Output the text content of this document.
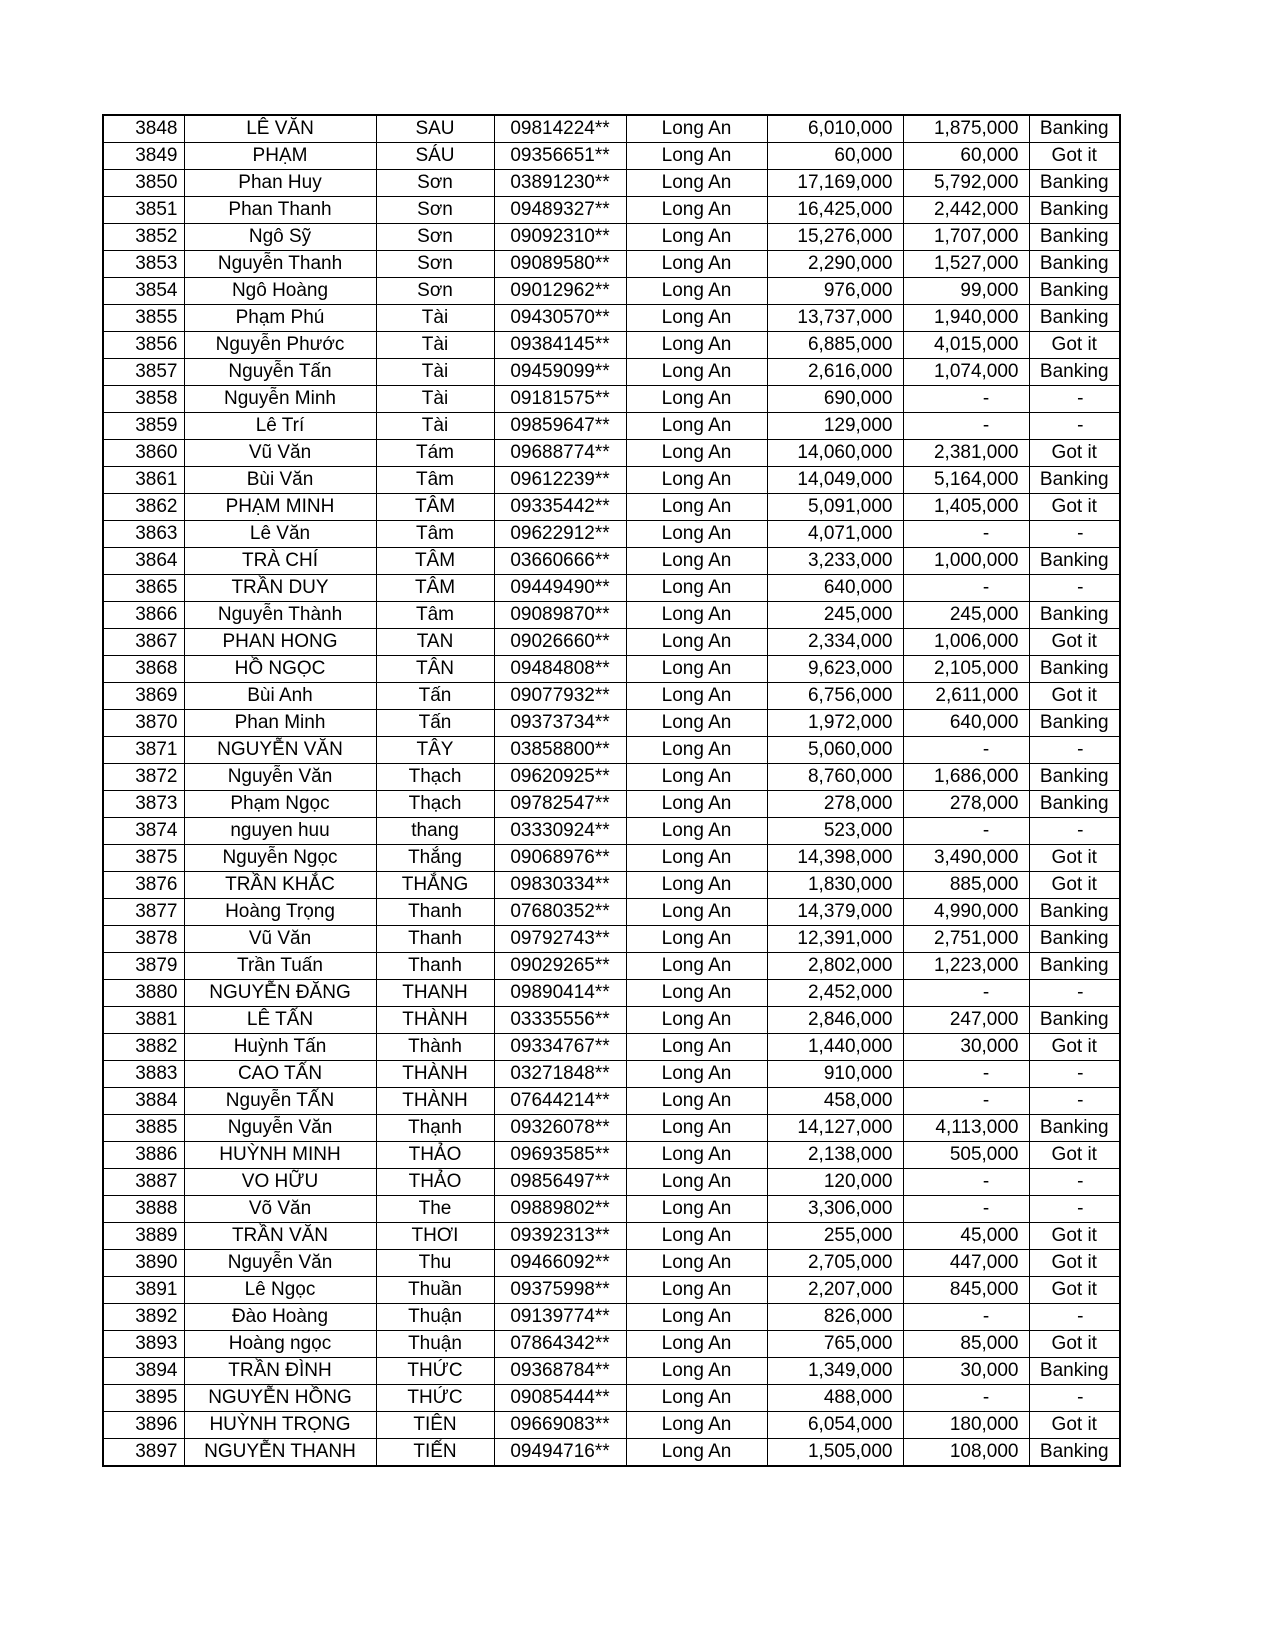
3848	LÊ VĂN	SAU	09814224**	Long An	6,010,000	1,875,000	Banking
3849	PHẠM	SÁU	09356651**	Long An	60,000	60,000	Got it
3850	Phan Huy	Sơn	03891230**	Long An	17,169,000	5,792,000	Banking
3851	Phan Thanh	Sơn	09489327**	Long An	16,425,000	2,442,000	Banking
3852	Ngô Sỹ	Sơn	09092310**	Long An	15,276,000	1,707,000	Banking
3853	Nguyễn Thanh	Sơn	09089580**	Long An	2,290,000	1,527,000	Banking
3854	Ngô Hoàng	Sơn	09012962**	Long An	976,000	99,000	Banking
3855	Phạm Phú	Tài	09430570**	Long An	13,737,000	1,940,000	Banking
3856	Nguyễn Phước	Tài	09384145**	Long An	6,885,000	4,015,000	Got it
3857	Nguyễn Tấn	Tài	09459099**	Long An	2,616,000	1,074,000	Banking
3858	Nguyễn Minh	Tài	09181575**	Long An	690,000	-	-
3859	Lê Trí	Tài	09859647**	Long An	129,000	-	-
3860	Vũ Văn	Tám	09688774**	Long An	14,060,000	2,381,000	Got it
3861	Bùi Văn	Tâm	09612239**	Long An	14,049,000	5,164,000	Banking
3862	PHẠM MINH	TÂM	09335442**	Long An	5,091,000	1,405,000	Got it
3863	Lê Văn	Tâm	09622912**	Long An	4,071,000	-	-
3864	TRÀ CHÍ	TÂM	03660666**	Long An	3,233,000	1,000,000	Banking
3865	TRẦN DUY	TÂM	09449490**	Long An	640,000	-	-
3866	Nguyễn Thành	Tâm	09089870**	Long An	245,000	245,000	Banking
3867	PHAN HONG	TAN	09026660**	Long An	2,334,000	1,006,000	Got it
3868	HỒ NGỌC	TÂN	09484808**	Long An	9,623,000	2,105,000	Banking
3869	Bùi Anh	Tấn	09077932**	Long An	6,756,000	2,611,000	Got it
3870	Phan Minh	Tấn	09373734**	Long An	1,972,000	640,000	Banking
3871	NGUYỄN VĂN	TÂY	03858800**	Long An	5,060,000	-	-
3872	Nguyễn Văn	Thạch	09620925**	Long An	8,760,000	1,686,000	Banking
3873	Phạm Ngọc	Thạch	09782547**	Long An	278,000	278,000	Banking
3874	nguyen huu	thang	03330924**	Long An	523,000	-	-
3875	Nguyễn Ngọc	Thắng	09068976**	Long An	14,398,000	3,490,000	Got it
3876	TRẦN KHẮC	THẮNG	09830334**	Long An	1,830,000	885,000	Got it
3877	Hoàng Trọng	Thanh	07680352**	Long An	14,379,000	4,990,000	Banking
3878	Vũ Văn	Thanh	09792743**	Long An	12,391,000	2,751,000	Banking
3879	Trần Tuấn	Thanh	09029265**	Long An	2,802,000	1,223,000	Banking
3880	NGUYỄN ĐĂNG	THANH	09890414**	Long An	2,452,000	-	-
3881	LÊ TẤN	THÀNH	03335556**	Long An	2,846,000	247,000	Banking
3882	Huỳnh Tấn	Thành	09334767**	Long An	1,440,000	30,000	Got it
3883	CAO TẤN	THÀNH	03271848**	Long An	910,000	-	-
3884	Nguyễn TẤN	THÀNH	07644214**	Long An	458,000	-	-
3885	Nguyễn Văn	Thạnh	09326078**	Long An	14,127,000	4,113,000	Banking
3886	HUỲNH MINH	THẢO	09693585**	Long An	2,138,000	505,000	Got it
3887	VO HỮU	THẢO	09856497**	Long An	120,000	-	-
3888	Võ Văn	The	09889802**	Long An	3,306,000	-	-
3889	TRẦN VĂN	THƠI	09392313**	Long An	255,000	45,000	Got it
3890	Nguyễn Văn	Thu	09466092**	Long An	2,705,000	447,000	Got it
3891	Lê Ngọc	Thuần	09375998**	Long An	2,207,000	845,000	Got it
3892	Đào Hoàng	Thuận	09139774**	Long An	826,000	-	-
3893	Hoàng ngọc	Thuận	07864342**	Long An	765,000	85,000	Got it
3894	TRẦN ĐÌNH	THỨC	09368784**	Long An	1,349,000	30,000	Banking
3895	NGUYỄN HỒNG	THỨC	09085444**	Long An	488,000	-	-
3896	HUỲNH TRỌNG	TIÊN	09669083**	Long An	6,054,000	180,000	Got it
3897	NGUYỄN THANH	TIẾN	09494716**	Long An	1,505,000	108,000	Banking
